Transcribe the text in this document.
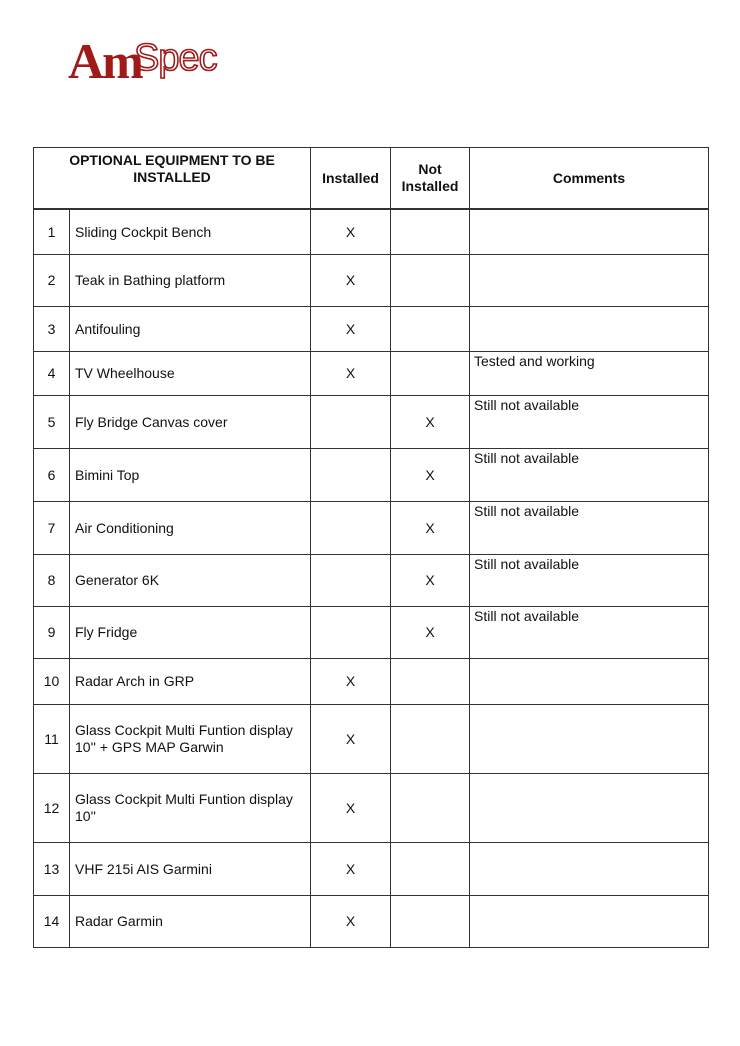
Am
Spec
OPTIONAL EQUIPMENT TO BE INSTALLED		Installed	Not Installed	Comments

1	Sliding Cockpit Bench	X		
2	Teak in Bathing platform	X		
3	Antifouling	X		
4	TV Wheelhouse	X		Tested and working
5	Fly Bridge Canvas cover		X	Still not available
6	Bimini Top		X	Still not available
7	Air Conditioning		X	Still not available
8	Generator 6K		X	Still not available
9	Fly Fridge		X	Still not available
10	Radar Arch in GRP	X		
11	Glass Cockpit Multi Funtion display 10'' + GPS MAP Garwin	X		
12	Glass Cockpit Multi Funtion display 10''	X		
13	VHF 215i AIS Garmini	X		
14	Radar Garmin	X		
